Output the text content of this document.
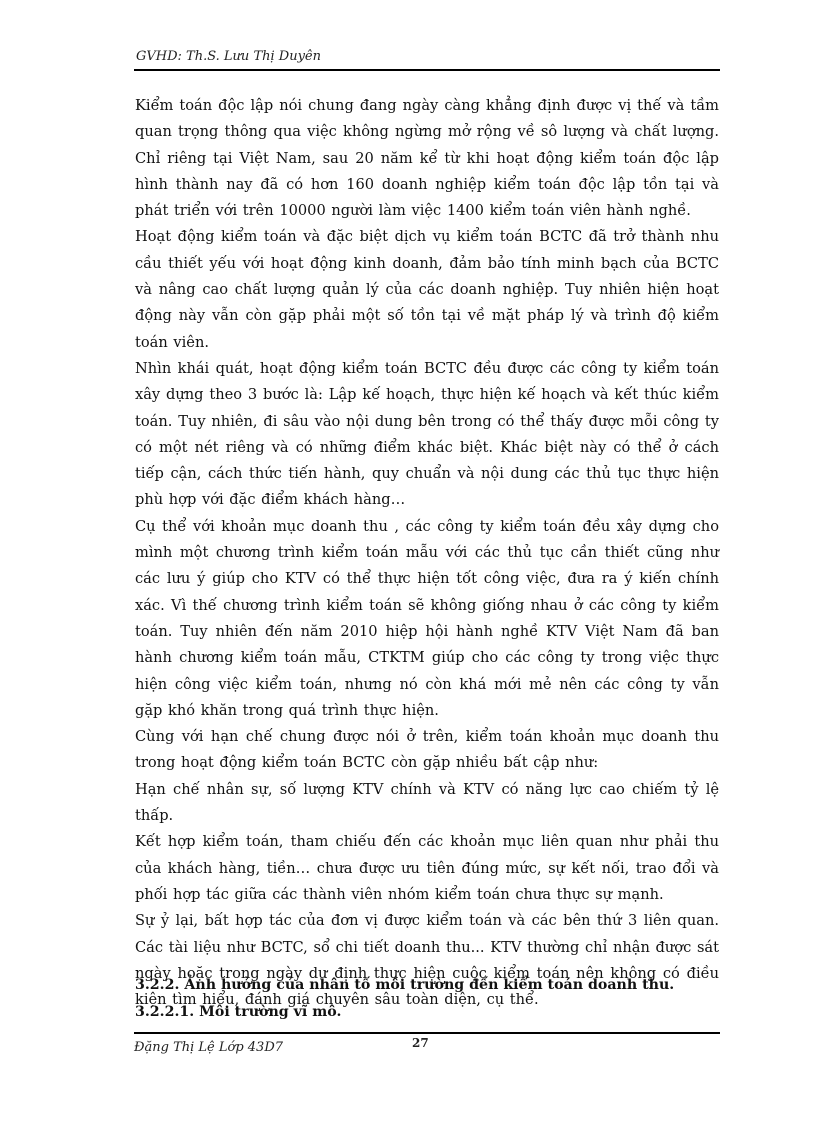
GVHD: Th.S. Lưu Thị Duyên

Kiểm toán độc lập nói chung đang ngày càng khẳng định được vị thế và tầm quan trọng thông qua việc không ngừng mở rộng về sô lượng và chất lượng. Chỉ riêng tại Việt Nam, sau 20 năm kể từ khi hoạt động kiểm toán độc lập hình thành nay đã có hơn 160 doanh nghiệp kiểm toán độc lập tồn tại và phát triển với trên 10000 người làm việc 1400 kiểm toán viên hành nghề.

Hoạt động kiểm toán và đặc biệt dịch vụ kiểm toán BCTC đã trở thành nhu cầu thiết yếu với hoạt động kinh doanh, đảm bảo tính minh bạch của BCTC và nâng cao chất lượng quản lý của các doanh nghiệp. Tuy nhiên hiện hoạt động này vẫn còn gặp phải một số tồn tại về mặt pháp lý và trình độ kiểm toán viên.

Nhìn khái quát, hoạt động kiểm toán BCTC đều được các công ty kiểm toán xây dựng theo 3 bước là: Lập kế hoạch, thực hiện kế hoạch và kết thúc kiểm toán. Tuy nhiên, đi sâu vào nội dung bên trong có thể thấy được mỗi công ty có một nét riêng và có những điểm khác biệt. Khác biệt này có thể ở cách tiếp cận, cách thức tiến hành, quy chuẩn và nội dung các thủ tục thực hiện phù hợp với đặc điểm khách hàng…

Cụ thể với khoản mục doanh thu , các công ty kiểm toán đều xây dựng cho mình một chương trình kiểm toán mẫu với các thủ tục cần thiết cũng như các lưu ý giúp cho KTV có thể thực hiện tốt công việc, đưa ra ý kiến chính xác. Vì thế chương trình kiểm toán sẽ không giống nhau ở các công ty kiểm toán. Tuy nhiên đến năm 2010 hiệp hội hành nghề KTV Việt Nam đã ban hành chương kiểm toán mẫu, CTKTM giúp cho các công ty trong việc thực hiện công việc kiểm toán, nhưng nó còn khá mới mẻ nên các công ty vẫn gặp khó khăn trong quá trình thực hiện.

Cùng với hạn chế chung được nói ở trên, kiểm toán khoản mục doanh thu trong hoạt động kiểm toán BCTC còn gặp nhiều bất cập như:

Hạn chế nhân sự, số lượng KTV chính và KTV có năng lực cao chiếm tỷ lệ thấp.

Kết hợp kiểm toán, tham chiếu đến các khoản mục liên quan như phải thu của khách hàng, tiền… chưa được ưu tiên đúng mức, sự kết nối, trao đổi và phối hợp tác giữa các thành viên nhóm kiểm toán chưa thực sự mạnh.

Sự ỷ lại, bất hợp tác của đơn vị được kiểm toán và các bên thứ 3 liên quan. Các tài liệu như BCTC, sổ chi tiết doanh thu... KTV thường chỉ nhận được sát ngày hoặc trong ngày dự định thực hiện cuộc kiểm toán nên không có điều kiện tìm hiểu, đánh giá chuyên sâu toàn diện, cụ thể.

3.2.2. Ảnh hưởng của nhân tố môi trường đến kiểm toán doanh thu.

3.2.2.1. Môi trường vĩ mô.

Đặng Thị Lệ Lớp 43D7	27
